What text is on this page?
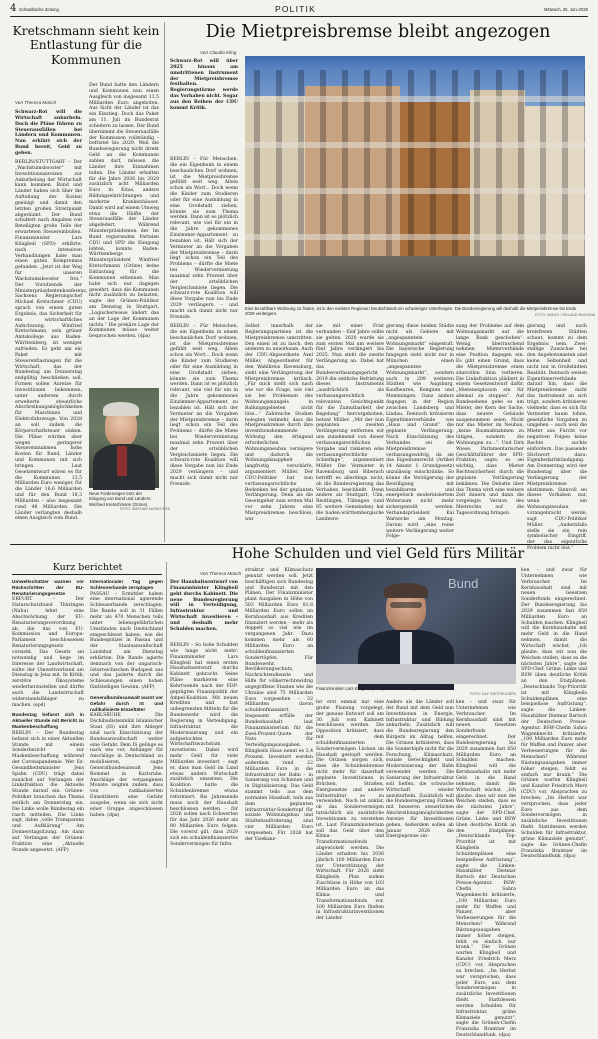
4 Schwäbische Zeitung	POLITIK	Mittwoch, 25. Juni 2025
Kretschmann sieht kein Entlastung für die Kommunen
Von Theresa Münch
Schwarz-Rot will die Wirtschaft ankurbeln. Doch die Pläne führen zu Steuerausfällen bei Ländern und Kommunen. Nun erklärt sich der Bund bereit, Geld zu geben.

BERLIN/STUTTGART – Der „Wachstumsbooster“ mit Investitionsanreizen zur Ankurbelung der Wirtschaft kann kommen. Bund und Länder haben sich über die Aufteilung der Kosten geeinigt und damit den letzten großen Streitpunkt abgeräumt. Der Bund schultert nach Angaben von Beteiligten große Teile der erwarteten Steuereinbußen. Finanzminister Lars Klingbeil (SPD) erklärte, nach intensiven Verhandlungen habe man einen guten Kompromiss gefunden. „Jetzt ist der Weg für unseren Wachstumsbooster frei.“ Der Vorsitzende der Ministerpräsidentenkonferenz, Sachsens Regierungschef Michael Kretschmer (CDU) sprach von einem guten Ergebnis, das Sicherheit für ein wirtschaftliches Aufschwung. Winfried Kretschmann, sein grüner Amtskollege aus Baden-Württemberg, ist weniger zufrieden. Es geht um ein Paket mit Steuerentlastungen für die Wirtschaft, das der Bundestag am Donnerstag endgültig beschließen soll. Firmen sollen Anreize für Investitionen bekommen, unter anderem durch erweiterte steuerliche Abschreibungsmöglichkeiten für Maschinen und Elektrofahrzeuge. Von 2028 an soll zudem die Körperschaftsteuer sinken. Die Pläne würden aber wegen geringerer Steuereinnahmen hohe Kosten für Bund, Länder und Kommunen mit sich bringen. Laut Gesetzentwurf wären es für die Kommunen 13,5 Milliarden Euro weniger, für die Länder 16,6 Milliarden und für den Bund 18,3 Milliarden – also insgesamt rund 48 Milliarden. Die Länder verlangten deshalb einen Ausgleich vom Bund.

Der Bund hatte den Ländern und Kommunen nun einen Ausgleich von insgesamt 13,5 Milliarden Euro angeboten. Aus Sicht der Länder ist das ein Einstieg. Doch das Paket am 11. Juli im Bundesrat scheitern zu lassen. Der Bund übernimmt die Steuerausfälle der Kommunen vollständig – befristet bis 2029. Weil die Bundesregierung nicht direkt Geld an die Kommunen zahlen darf, müssen die Länder ihre Einnahmen teilen. Die Länder erhalten für die Jahre 2026 bis 2029 zusätzlich acht Milliarden Euro in Kitas, andere Bildungseinrichtungen und moderne Krankenhäuser. Damit wird auf einem Umweg etwa die Hälfte der Steuerausfälle der Länder abgefedert. Während Ministerpräsidenten der Im Bund regierenden Parteien CDU und SPD die Einigung lobten, konnte Baden-Württembergs Ministerpräsident Winfried Kretschmann (Grüne) keine Entlastung für die Kommunen erkennen. Man habe sich nur dagegen gewehrt, dass die Kommunen nicht zusätzlich zu belasten, sagte der Grünen-Politiker am Dienstag in Stuttgart. „Logischerweise ändert das an der Lage der Kommunen nichts.“ Die prekäre Lage der Kommunen müsse weiter besprochen werden. (dpa)

Neue Forderungen trotz der Einigung von Bund und Ländern: Winfried Kretschmann (Grüne).
FOTO: MARIJAN MURAT/DPA
Die Mietpreisbremse bleibt angezogen
Von Claudia Kling
Schwarz-Rot will über 2025 hinaus am umstrittenen Instrument der Mietpreisbremse festhalten. Regierungstürme werde das Vorhaben nicht. Sogar aus den Reihen der CDU kommt Kritik.

BERLIN – Für Menschen, die ein Eigenheim in einem beschaulichen Dorf wohnen, ist die Mietpreisbremse gefühlt weit weg. Allein schon als Wort... Doch wenn die Kinder zum Studieren oder für eine Ausbildung in eine Großstadt ziehen, könnte sie zum Thema werden. Dann ist es plötzlich relevant, wie viel für ein in die Jahre gekommenes Einzimmer-Appartement zu bezahlen ist. Hält sich der Vermieter an die Vorgaben der Mietpreisbremse – darin liegt schon ein Teil des Problems – dürfte die Miete bei Wiedervermietung maximal zehn Prozent über der ortsüblichen Vergleichsmiete liegen. Die schwarz-rote Koalition will diese Vorgabe nun bis Ende 2029 verlängern – und macht sich damit nicht nur Freunde.

Eine bezahlbare Wohnung zu finden, ist in den meisten Regionen Deutschlands ein schwieriges Unterfangen. Die Bundesregierung will deshalb die Mietpreisbremse bis Ende 2029 verlängern.	FOTO: IMAGO / ROLAND MAGUNIA

Selbst innerhalb der Regierungsparteien ist die Mietpreisbremse umstritten. Den einen ist zu lasch, den anderen zu unwirksam. Auch der CDU-Abgeordnete Axel Müller, Abgeordneter für den Wahlkreis Ravensburg, sieht eine Verlängerung der Mietpreisbremse kritisch. „Für mich stellt sich nach wie vor die Frage, wie viel sie bei Problemen des Wohnungsmangels in Ballungsgebieten nicht löse...“ Zahlreiche Studien belegten vielmehr, dass die Mietpreisbremse durch ihre investitionshemmende Wirkung den dringend erforderlichen Wohnungsneubau verzögere und dadurch die Wohnungsknappheit langfristig verschärfe, argumentiert Müller. Der CDU-Politiker hat nun verfassungsrechtliche Bedenken bei der geplanten Verlängerung. Denn als die Gesetzgeber zum ersten Mal vor zehn Jahren eine Mietpreisbremse beschloss, war

sie mit einer Frist verbunden – fünf Jahre sollte sie gelten. 2020 wurde sie zum ersten Mal um weitere fünf Jahre verlängert bis 2025. Nun steht die zweite Verlängerung an. Dabei hat das Bundesverfassungsgericht 2019 die zeitliche Befristung dieses Instruments „ausdrücklich als verfassungsrechtlich relevanten Gesichtspunkt für die Zumutbarkeit der Regelung“ hervorgehoben, betont Müller. „Mit der nun geplanten zweiten Verlängerung entfernen wir uns zunehmend von dieser verfassungsrechtlichen Vorgabe und riskieren eine verfassungsrechtliche Schieflage“, argumentiert Müller. Die Vermieter in Ravensburg und Biberach betrifft es allerdings nicht, ob die Bundesregierung das Vorhaben beschließt. Denn andere als Stuttgart, Ulm, Reutlingen, Tübingen (und 85 weitere Gemeinden) hat die baden-württembergische Landesre-

gierung diese beiden Städte nicht als Gebiete mit „angespanntem Wohnungsmarkt“ eingestuft. Die bayerische Regierung hingegen sieht nicht nur in München einen „angespannten Wohnungsmarkt“, sondern auch in 208 weiteren Städten wie Augsburg, Kaufbeuren, Kempten und Memmingen. Ganz anders dagegen in der Region zwischen Landsberg und Lindau. Dennoch kritisieren Eigentümerverbände wie „Haus und Grund“ die geplante Verlängerung. Nach Einschätzung des Verbandes sei die Mietpreisbremse verfassungswidrig, da sie das Eigentumsrecht (Artikel 14 Absatz 1 Grundgesetz) unzulässig einschränke. So könne die Verzögerung der Bewilligung mit bezahlbarem und energetisch modernisiertem Wohnraum nicht mehr sichergestellt werden. Verbandspräsident Kai Warnecke am Montag. Darum wird „eine reine weitere Verlängerung weiter Folge-

sung der Probleme auf dem Wohnungsmarkt auf die lange Bank geschoben“. Wenig überraschend nehmen Mieterverbände eine Position dagegen ein. Es gibt einen Grund, dass die Mietpreisbremse einen sinnvollen Sinn verlieren. Die Linksfraktion plädiert in einem Gesetzentwurf dafür, „Mietenexplosion ein für allemal zu stoppen“. Auf Bundesebene gehe es um Mieter, der Kern der Sache, dass neuere Gebäude ausgenommen seien. Nicht nur das Mieter im Neubau, „keine Baumaßnahmen zu tätigen, sondern die Wohnungen zu...“. Und Dirk Wiese, Parlamentarischer Geschäftsführer der SPD-Fraktion, sagte, es sei wichtig, dass Mieter Rechtssicherheit durch die geplante Verlängerung bekämen. Die Debatte über das Thema wird eine weitere Zeit dauern und dann die vorgelegte Version des Mietrechts auf die Tagesordnung bringen.

gierung und noch kreisfreien Städten schaut, kommt zu dem Ergebnis: nein. Zwei-stellige Zuwächse bei den Angebotsmieten sind keine Seltenheit und nicht nur in Großstädten Realität. Dennoch weisen Eigentümerverbände darauf hin, dass die Mietpreisbremse nicht das Instrument an sich trägt, sondern kritisieren vielmehr, dass es sich für Vermieter kaum lohne, gesetzliche Vorgaben zu umgehen – auch weil die Mieter aus Furcht vor negativen Folgen keine Rechte suchte einfordern. Das passende Stichwort dazu: Eigenbedarfskündigung. Am Donnerstag wird der Bundestag über die Verlängerung der Mietpreisbremse abstimmen. Sinnvoll sei dieses Vorhaben nur, wenn ein Wohnungsneubau vorangebracht werde, sagt CDU-Politiker Müller. „Andernfalls stelle sie ein rein symbolischer Eingriff, der das eigentliche Problem nicht löst.“

BERLIN – Für Menschen, die ein Eigenheim in einem beschaulichen Dorf wohnen, ist die Mietpreisbremse gefühlt weit weg. Allein schon als Wort... Doch wenn die Kinder zum Studieren oder für eine Ausbildung in eine Großstadt ziehen, könnte sie zum Thema werden. Dann ist es plötzlich relevant, wie viel für ein in die Jahre gekommenes Einzimmer-Appartement zu bezahlen ist. Hält sich der Vermieter an die Vorgaben der Mietpreisbremse – darin liegt schon ein Teil des Problems – dürfte die Miete bei Wiedervermietung maximal zehn Prozent über der ortsüblichen Vergleichsmiete liegen. Die schwarz-rote Koalition will diese Vorgabe nun bis Ende 2029 verlängern – und macht sich damit nicht nur Freunde.

Hohe Schulden und viel Geld fürs Militär
Kurz berichtet
Umweltschützer warnen vor Rückschritten der EU-Renaturierungsgesetze

ERFURT – Der Naturschutzbund Thüringen (Nabu) lehnt eine Abschwächung der EU-Renaturierungsverordnung ab, die das von EU-Kommission und Europa-Parlament beschlossenen Renaturierungsgesetz vorsieht. Das Gesetz sei notwendig und liege im Interesse der Landwirtschaft, sollte der Umweltverband am Dienstag in Jena mit. In Kritik, zerstöre Ökosysteme wiederherzustellen und dürfte auch die Landwirtschaft widerstandsfähiger zu machen. (epd)

Bundestag befasst sich in Aktueller Stunde mit Bericht zu Maskenbeschaffung

BERLIN – Der Bundestag befasst sich in einer Aktuellen Stunde mit einem Sonderbericht zur Maskenbeschaffung während der Coronapandemie. Wer Ex-Gesundheitsminister Jens Spahn (CDU) trägt dabei zunächst auf Verlangen der Linksfraktion die Aktuelle Stunde darauf ein. Grünen-Politiker brauchen das Thema zeitlich am Donnerstag ein. Die Linke wolle Bundestag ein rasch mitteilen. Die Linke sagt, dabei „volle Transparenz und Aufklärung“ Am Donnerstagsitzung. Am dann auf Verlangen der Grünen-Fraktion eine „Aktuelle Stunde angesetzt. (AFP)

Internationaler Tag gegen Schlesnerbande zersplagen

PASSAU – Ermittler haben eine international agierende Schleuserbande zerschlagen. Die Bande soll in 31 Fällen mehr als 470 Menschen teils unter lebensgefährlichen Umständen nach Deutschland eingeschleust haben, wie die Bundespolizei in Passau und der Staatsanwaltschaft Landshut am Dienstag erklärten. Die Bande agierte demnach von der ungarisch-österreichischen Budapest aus und das jaslerte durch die Schleusungen einen hohen fünfstelligen Gewinn. (AFP)

Generalbundesanwalt warnt vor Gefahr durch IS und radikalisierte Einzeltäter

KARLSRUHE – Die Dschihadistenmiliz Islamischer Staat (IS) und ihre Ableger sind nach Einschätzung der Bundesanwaltschaft weiter eine Gefahr. Dem IS gelinge es nach wie vor, Anhänger für Anschläge in Deutschland zu mobilisieren, sagte Generalbundesanwalt Jens Rommel in Karlsruhe. Anschläge der vergangenen Monate zeigten zudem, dass von radikalisierten Einzeltätern eine Gefahr ausgehe, wenn sie sich nicht einer Gruppe angeschlossen haben. (dpa)

Von Theresa Münch
Der Haushaltsentwurf von Finanzminister Klingbeil geht durchs Kabinett. Die neue Bundesregierung will in Verteidigung, Infrastruktur und Wirtschaft investieren – und deshalb mehr Schulden machen.

BERLIN – So hohe Schulden wie lange nicht mehr: Finanzminister Lars Klingbeil hat einen ersten Haushaltsentwurf durchs Kabinett gebracht. Seine Pläne markieren eine Kehrtwende nach der FDP-geprägten Finanzpolitik der Ampel-Koalition. Mit neuen Krediten und fast unbegrenzten Mitteln für die Bundeswehr wird die Regierung in Verteidigung, Infrastruktur, die Modernisierung und ein aufgestocktes Wirtschaftswachstum investieren. Dabei wird mehr Geld für viele Milliarden investiert – sagt er, dass man Geld im Land etwas anders Wirtschaft zusätzlich umsetzen. Die Koalition hatte die Schuldenbremse etwas reformiert. Bis Jahresende muss noch der Haushalt beschlossen werden – für 2026 sollen nach Eckwerten für das Jahr 2026 mehr als 80 Milliarden Euro folgen. Die vorerst gilt, dass 2029 sich ein schuldenfinanziertes Sondervermögen für Infra-

struktur und Klimaschutz genutzt werden soll. Jetzt beschäftigen sich Bundestag und Bundesrat mit den Plänen. Der Finanzminister plant Ausgaben in Höhe von 503 Milliarden Euro 81,8 Milliarden Euro sollen im Kernhaushalt aus Krediten finanziert werden – mehr als doppelt so viel wie im vergangenen Jahr. Dazu kommen mehr als 60 Milliarden Euro an schuldenfinanzierten Sondertöpfen. Für Bundeswehr, Bevölkerungsschutz, Nachrichtendienste und Hilfe für völkerrechtswidrig angegriffene Staaten wie die Ukraine sind 75 Milliarden Euro vorgesehen – 32 Milliarden davon schuldenfinanziert. Insgesamt erfülle der Bundeshaushalt laut Finanzministerium für die Zwei-Prozent-Quote der Nato für Verteidigungsausgaben. Klingbeils Haus nennt es 2,4 Prozent. Investiert werden außerdem rund 22 Milliarden Euro in die Infrastruktur der Bahn – in Sanierung von Schienen und in Digitalisierung. Das Geld stammt teils aus dem normalen Haushalt, teils aus dem geplanten Infrastruktur-Sondertopf für soziale Wohnungsbau und Städtebauförderung sind vier Milliarden Euro vorgesehen. Für 2026 hat der Vizekanz-

Bund
Finanzminister Lars Klingbeil (SPD) stellt seine Etatpläne in Berlin vor.
FOTO: KAY NIETFELD/DPA

ler erst einmal nur eine grobe Planung vorgelegt, der genaue Entwurf soll am 30. Juli vom Kabinett beschlossen werden. Die Opposition kritisiert, dass mit dem schuldenfinanzierten Sondervermögen Lücken im Haushalt gestopft werden. Die Grünen sorgen sich, dass die Schuldenbremse nicht mehr für dauerhaft geplante Investitionen in Brücken, Straßen, Energienetze und andere Infrastruktur so zu verwenden. Noch ist unklar, ob das Sondervermögen tatsächlich als zusätzliche Investitionen zu verstehen ist. Laut Finanzministerium soll das Geld über den Klima- und Transformationsfonds abgewickelt werden. Die Länder erhalten bis 2036 jährlich 100 Milliarden Euro zur Unterstützung der Wirtschaft. Für 2026 sieht Klingbeils Plan zudem Zuschüsse in Höhe von 103 Milliarden Euro an das Klima- und Transformationsfonds vor. 100 Milliarden Euro fließen in Infrastrukturinvestitionen der Länder.

Anders als die Länder soll der Bund mit dem Geld nun Investitionen in Energie, Infrastruktur und Bildung ankurbeln. Zusätzlich will die Bundesregierung den Bürgern im Alltag helfen. Die Grünen kritisieren, dass die Sondertöpfe nicht für die Forschung, Klimaschutz, soziale Gerechtigkeit und Modernisierung der Bahn verwendet werden. Die Sanierung der Infrastruktur soll helfen, die schwache Wirtschaft wieder anzukurbeln. Zusätzlich will die Bundesregierung Firmen mit besseren steuerlichen Abschreibungsmöglichkeiten Anreize für Investitionen geben. Außerdem sollen ab Januar 2026 die Energiepreise sin-

ken – und zwar für Unternehmen wie Verbraucher. Im Kernhaushalt sind mit neuen Gesetzen Sonderfonds eingerechnet. Der Bundesregierung bis 2029 zusammen fast 850 Milliarden Euro an Schulden machen. Klingbeil will die Kernhaushalte mit mehr Geld in die Hand nehmen, damit die Wirtschaft wächst. „Ich glaube, dass wir nun die Weichen stellen, dass es die nächsten Jahre“, sagte der SPD-Chef. Grüne, Linke und BSW üben deutliche Kritik an den Etatplänen. „Deutschlands Top-Priorität ist mit Klingbeils Schuldenplänen eine beispiellose Aufrüstung“, sagte die Linken-Haushälter Dietmar Bartsch der Deutschen Presse-Agentur. BSW-Chefin Sahra Wagenknecht kritisierte, „100 Milliarden Euro mehr für Waffen und Panzer, aber Verbesserungen für die Menschen? Während Rüstungsausgaben immer höher steigen, fehlt es einfach nur krank.“ Die Grünen warfen Klingbeil und Kanzler Friedrich Merz (CDU) vor, Absprachen zu brechen. „Im Herbst war versprochen, dass jeder Euro aus dem Sondervermögen in zusätzliche Investitionen fließt. Stattdessen werden Schulden für Infrastruktur, grüne Klimaziele genutzt“, sagte die Grünen-Chefin Franziska Brantner im Deutschlandfunk. (dpa)

ken – und zwar für Unternehmen wie Verbraucher. Im Kernhaushalt sind mit neuen Gesetzen Sonderfonds eingerechnet. Der Bundesregierung bis 2029 zusammen fast 850 Milliarden Euro an Schulden machen. Klingbeil will die Kernhaushalte mit mehr Geld in die Hand nehmen, damit die Wirtschaft wächst. „Ich glaube, dass wir nun die Weichen stellen, dass es die nächsten Jahre“, sagte der SPD-Chef. Grüne, Linke und BSW üben deutliche Kritik an den Etatplänen. „Deutschlands Top-Priorität ist mit Klingbeils Schuldenplänen eine beispiellose Aufrüstung“, sagte die Linken-Haushälter Dietmar Bartsch der Deutschen Presse-Agentur. BSW-Chefin Sahra Wagenknecht kritisierte, „100 Milliarden Euro mehr für Waffen und Panzer, aber Verbesserungen für die Menschen? Während Rüstungsausgaben immer höher steigen, fehlt es einfach nur krank.“ Die Grünen warfen Klingbeil und Kanzler Friedrich Merz (CDU) vor, Absprachen zu brechen. „Im Herbst war versprochen, dass jeder Euro aus dem Sondervermögen in zusätzliche Investitionen fließt. Stattdessen werden Schulden für Infrastruktur, grüne Klimaziele genutzt“, sagte die Grünen-Chefin Franziska Brantner im Deutschlandfunk. (dpa)
